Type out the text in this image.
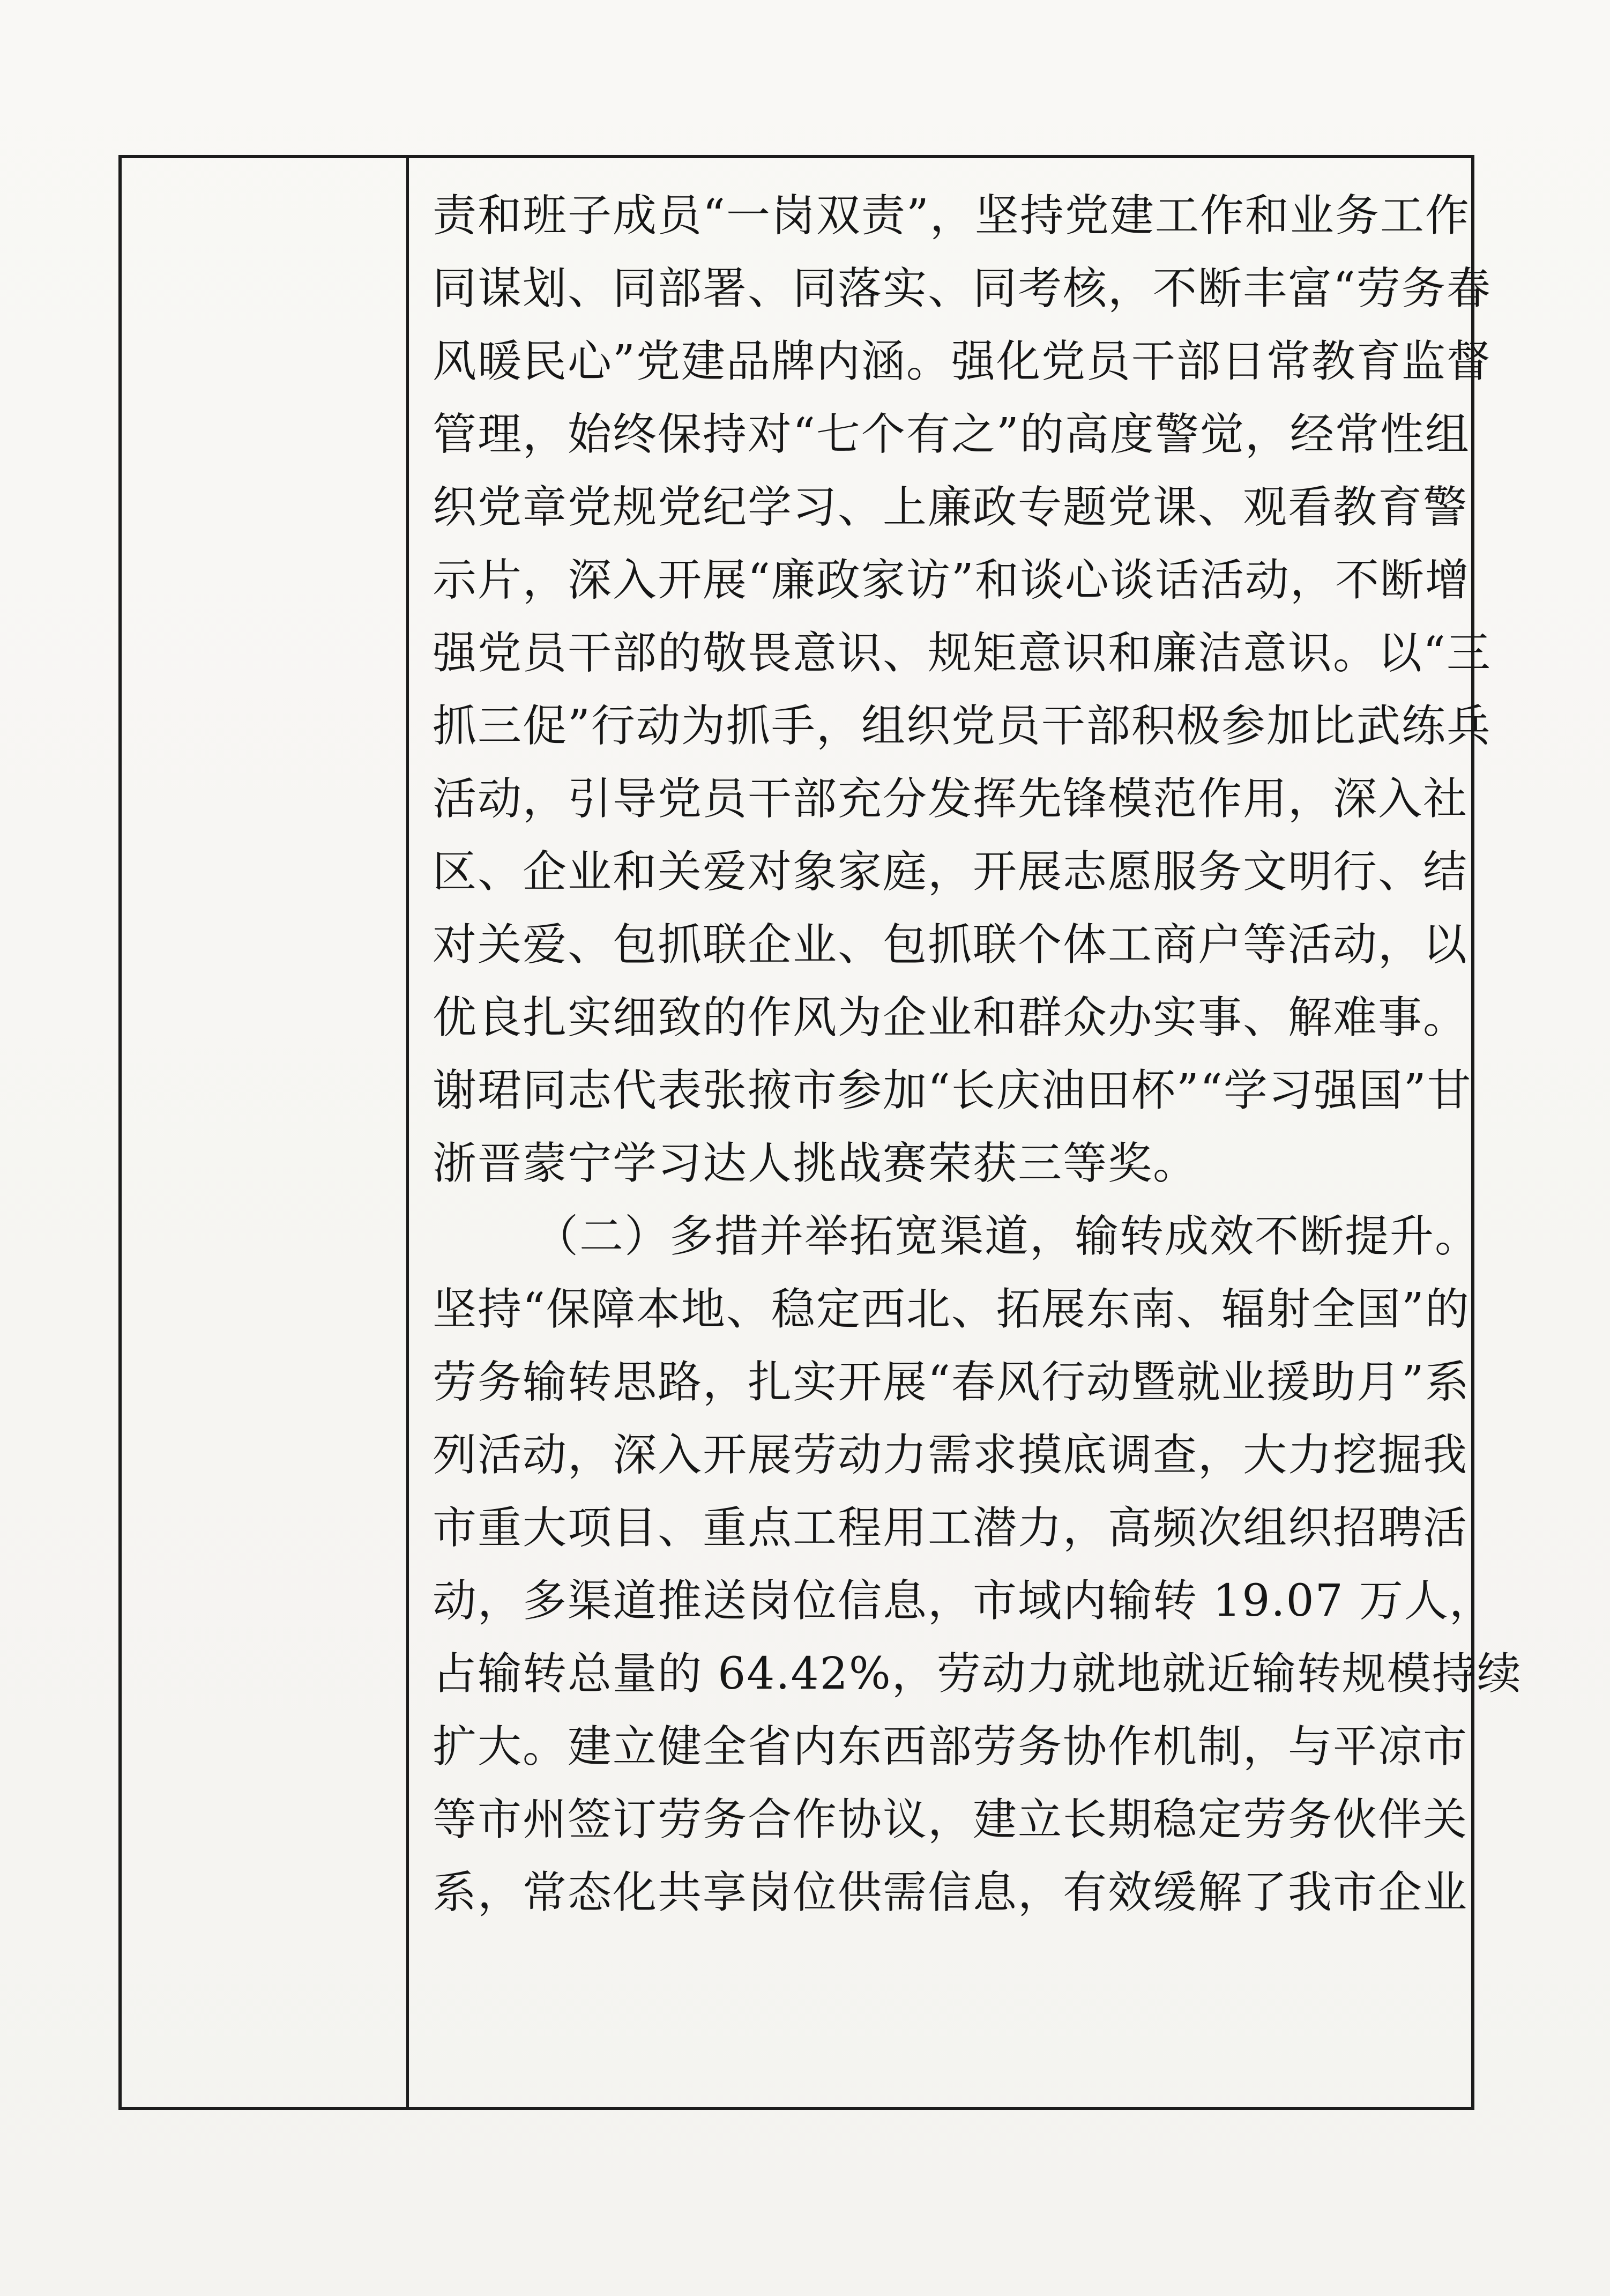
责和班子成员“一岗双责”，坚持党建工作和业务工作
同谋划、同部署、同落实、同考核，不断丰富“劳务春
风暖民心”党建品牌内涵。强化党员干部日常教育监督
管理，始终保持对“七个有之”的高度警觉，经常性组
织党章党规党纪学习、上廉政专题党课、观看教育警
示片，深入开展“廉政家访”和谈心谈话活动，不断增
强党员干部的敬畏意识、规矩意识和廉洁意识。以“三
抓三促”行动为抓手，组织党员干部积极参加比武练兵
活动，引导党员干部充分发挥先锋模范作用，深入社
区、企业和关爱对象家庭，开展志愿服务文明行、结
对关爱、包抓联企业、包抓联个体工商户等活动，以
优良扎实细致的作风为企业和群众办实事、解难事。
谢珺同志代表张掖市参加“长庆油田杯”“学习强国”甘
浙晋蒙宁学习达人挑战赛荣获三等奖。
（二）多措并举拓宽渠道，输转成效不断提升。
坚持“保障本地、稳定西北、拓展东南、辐射全国”的
劳务输转思路，扎实开展“春风行动暨就业援助月”系
列活动，深入开展劳动力需求摸底调查，大力挖掘我
市重大项目、重点工程用工潜力，高频次组织招聘活
动，多渠道推送岗位信息，市域内输转 19.07 万人，
占输转总量的 64.42%，劳动力就地就近输转规模持续
扩大。建立健全省内东西部劳务协作机制，与平凉市
等市州签订劳务合作协议，建立长期稳定劳务伙伴关
系，常态化共享岗位供需信息，有效缓解了我市企业
